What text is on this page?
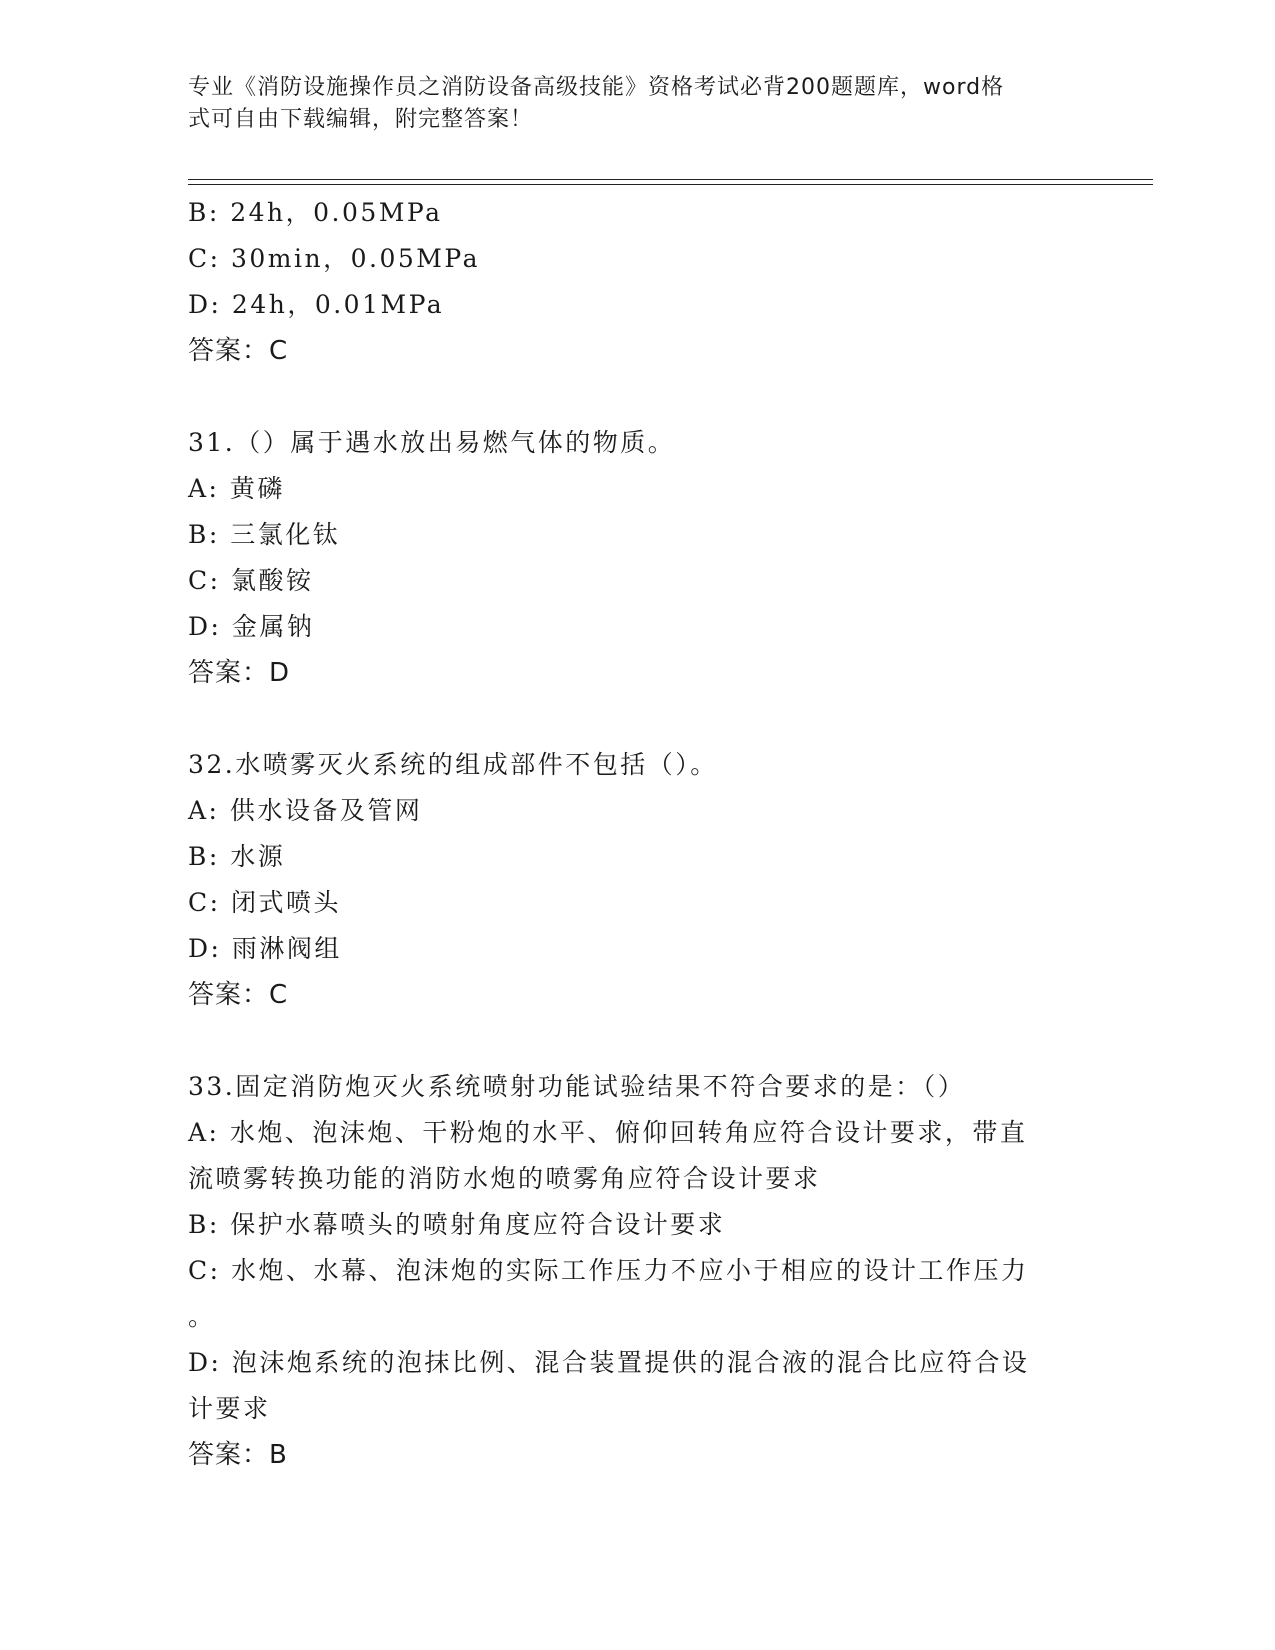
专业《消防设施操作员之消防设备高级技能》资格考试必背200题题库，word格
式可自由下载编辑，附完整答案！
B: 24h，0.05MPa
C: 30min，0.05MPa
D: 24h，0.01MPa
答案：C
31.（）属于遇水放出易燃气体的物质。
A: 黄磷
B: 三氯化钛
C: 氯酸铵
D: 金属钠
答案：D
32.水喷雾灭火系统的组成部件不包括（）。
A: 供水设备及管网
B: 水源
C: 闭式喷头
D: 雨淋阀组
答案：C
33.固定消防炮灭火系统喷射功能试验结果不符合要求的是：（）
A: 水炮、泡沫炮、干粉炮的水平、俯仰回转角应符合设计要求，带直
流喷雾转换功能的消防水炮的喷雾角应符合设计要求
B: 保护水幕喷头的喷射角度应符合设计要求
C: 水炮、水幕、泡沫炮的实际工作压力不应小于相应的设计工作压力
。
D: 泡沫炮系统的泡抹比例、混合装置提供的混合液的混合比应符合设
计要求
答案：B
